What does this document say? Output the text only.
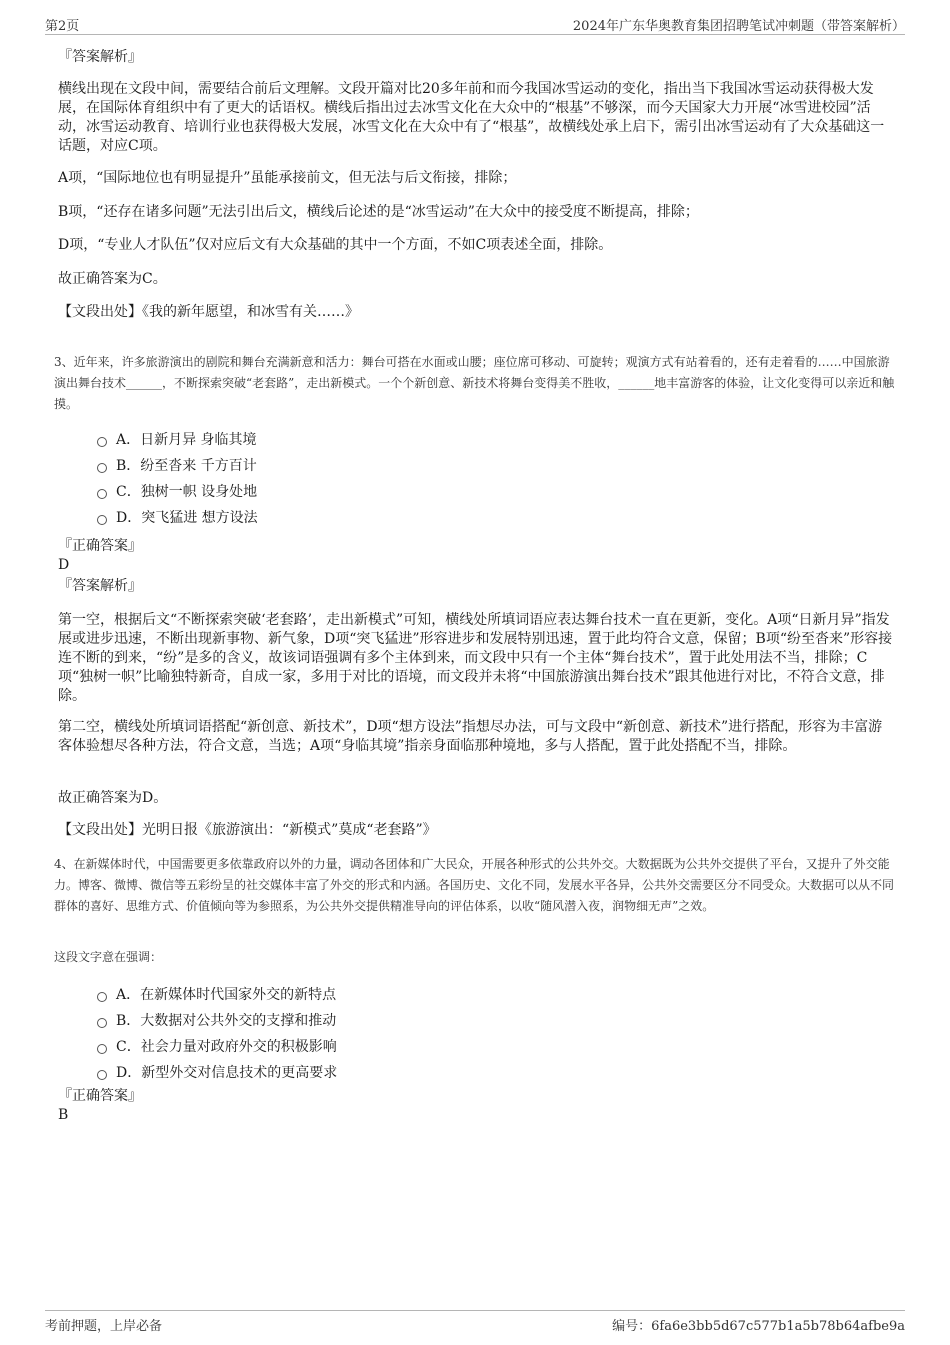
第2页	2024年广东华奥教育集团招聘笔试冲刺题（带答案解析）
『答案解析』
横线出现在文段中间，需要结合前后文理解。文段开篇对比20多年前和而今我国冰雪运动的变化，指出当下我国冰雪运动获得极大发展，在国际体育组织中有了更大的话语权。横线后指出过去冰雪文化在大众中的“根基”不够深，而今天国家大力开展“冰雪进校园”活动，冰雪运动教育、培训行业也获得极大发展，冰雪文化在大众中有了“根基”，故横线处承上启下，需引出冰雪运动有了大众基础这一话题，对应C项。
A项，“国际地位也有明显提升”虽能承接前文，但无法与后文衔接，排除；
B项，“还存在诸多问题”无法引出后文，横线后论述的是“冰雪运动”在大众中的接受度不断提高，排除；
D项，“专业人才队伍”仅对应后文有大众基础的其中一个方面，不如C项表述全面，排除。
故正确答案为C。
【文段出处】《我的新年愿望，和冰雪有关……》
3、近年来，许多旅游演出的剧院和舞台充满新意和活力：舞台可搭在水面或山腰；座位席可移动、可旋转；观演方式有站着看的，还有走着看的……中国旅游演出舞台技术______，不断探索突破“老套路”，走出新模式。一个个新创意、新技术将舞台变得美不胜收，______地丰富游客的体验，让文化变得可以亲近和触摸。
A．日新月异 身临其境
B．纷至沓来 千方百计
C．独树一帜 设身处地
D．突飞猛进 想方设法
『正确答案』
D
『答案解析』
第一空，根据后文“不断探索突破‘老套路’，走出新模式”可知，横线处所填词语应表达舞台技术一直在更新，变化。A项“日新月异”指发展或进步迅速，不断出现新事物、新气象，D项“突飞猛进”形容进步和发展特别迅速，置于此均符合文意，保留；B项“纷至沓来”形容接连不断的到来，“纷”是多的含义，故该词语强调有多个主体到来，而文段中只有一个主体“舞台技术”，置于此处用法不当，排除；C项“独树一帜”比喻独特新奇，自成一家，多用于对比的语境，而文段并未将“中国旅游演出舞台技术”跟其他进行对比，不符合文意，排除。
第二空，横线处所填词语搭配“新创意、新技术”，D项“想方设法”指想尽办法，可与文段中“新创意、新技术”进行搭配，形容为丰富游客体验想尽各种方法，符合文意，当选；A项“身临其境”指亲身面临那种境地，多与人搭配，置于此处搭配不当，排除。
故正确答案为D。
【文段出处】光明日报《旅游演出：“新模式”莫成“老套路”》
4、在新媒体时代，中国需要更多依靠政府以外的力量，调动各团体和广大民众，开展各种形式的公共外交。大数据既为公共外交提供了平台，又提升了外交能力。博客、微博、微信等五彩纷呈的社交媒体丰富了外交的形式和内涵。各国历史、文化不同，发展水平各异，公共外交需要区分不同受众。大数据可以从不同群体的喜好、思维方式、价值倾向等为参照系，为公共外交提供精准导向的评估体系，以收“随风潜入夜，润物细无声”之效。
这段文字意在强调：
A．在新媒体时代国家外交的新特点
B．大数据对公共外交的支撑和推动
C．社会力量对政府外交的积极影响
D．新型外交对信息技术的更高要求
『正确答案』
B
考前押题，上岸必备	编号：6fa6e3bb5d67c577b1a5b78b64afbe9a
